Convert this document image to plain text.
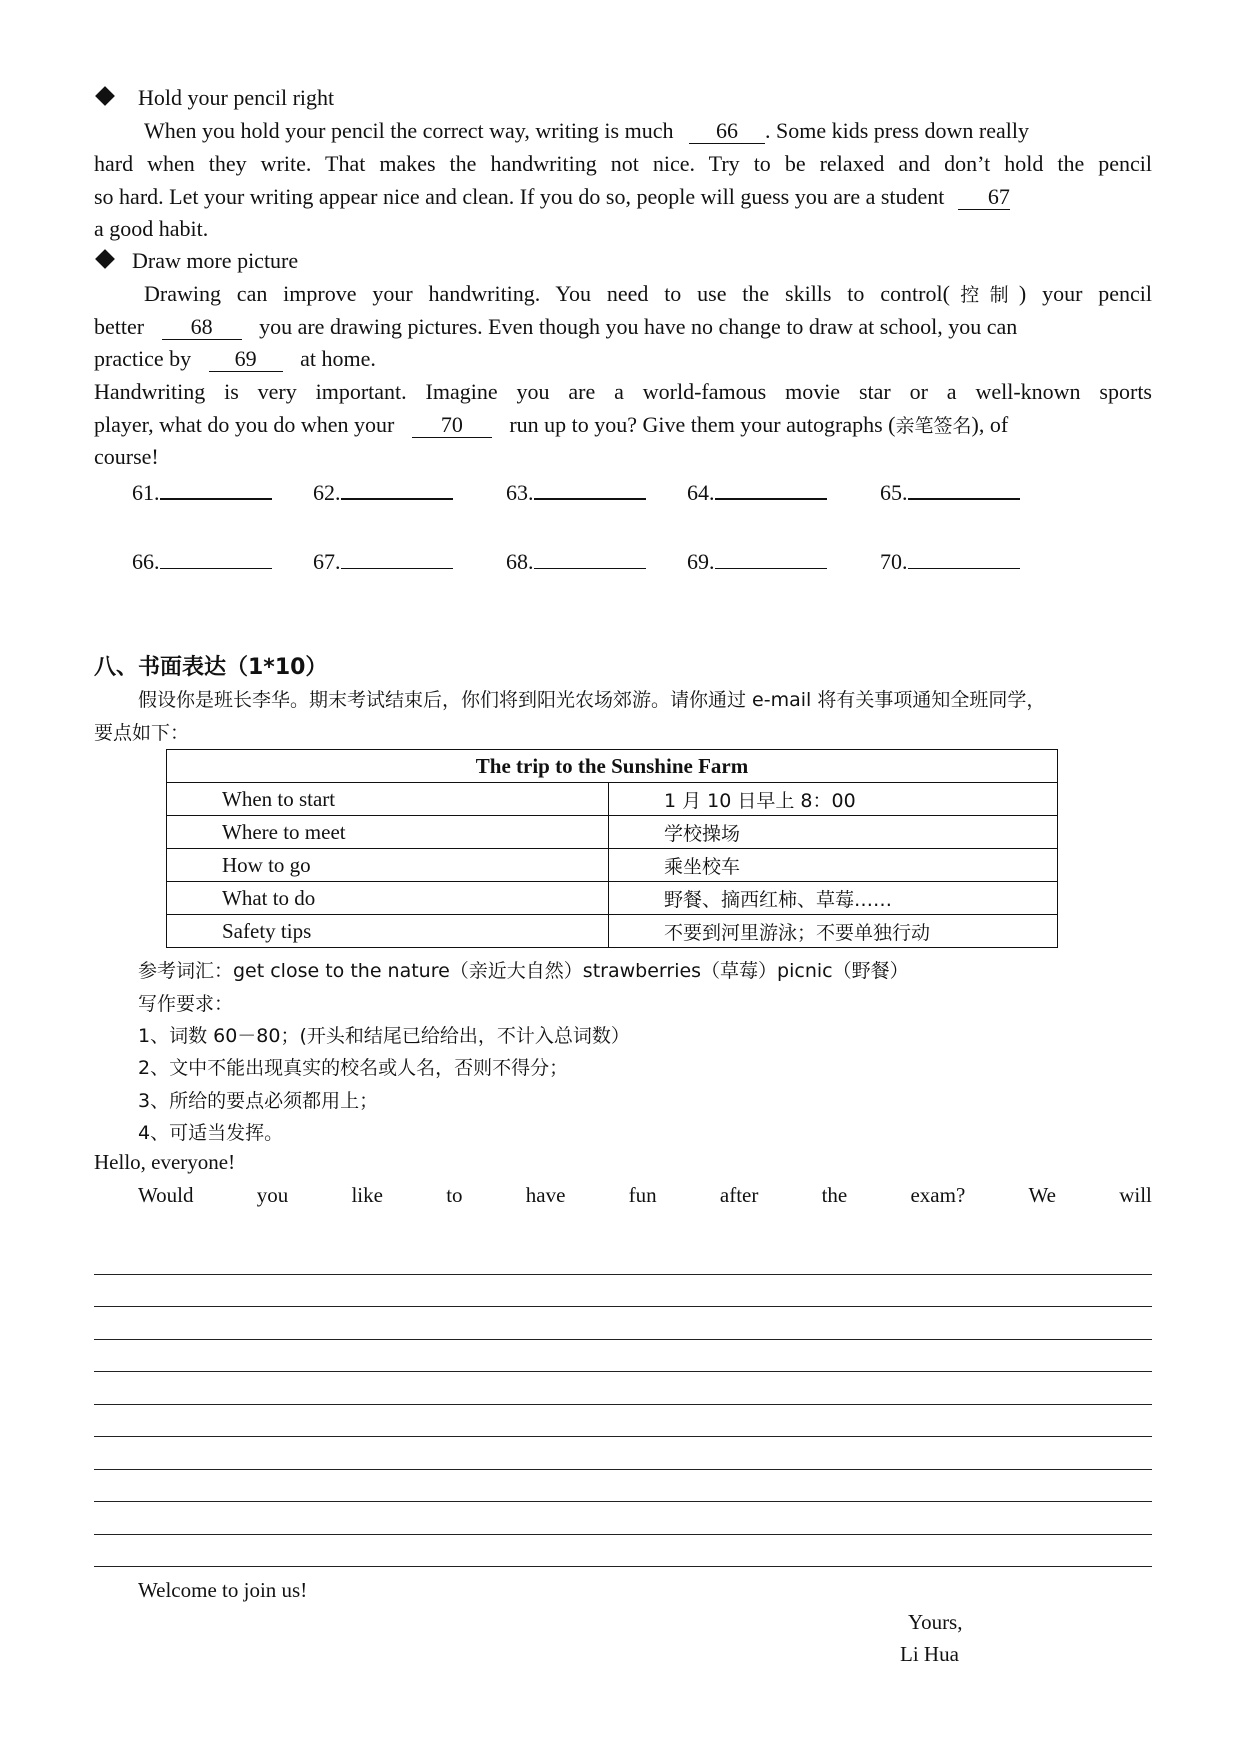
Hold your pencil right
When you hold your pencil the correct way, writing is much 66 . Some kids press down really
hard when they write. That makes the handwriting not nice. Try to be relaxed and don’t hold the pencil
so hard. Let your writing appear nice and clean. If you do so, people will guess you are a student 67
a good habit.
Draw more picture
Drawing can improve your handwriting. You need to use the skills to control(控制) your pencil
better 68 you are drawing pictures. Even though you have no change to draw at school, you can
practice by 69 at home.
Handwriting is very important. Imagine you are a world-famous movie star or a well-known sports
player, what do you do when your 70 run up to you? Give them your autographs (亲笔签名), of
course!
61.	62.	63.	64.	65.
66.	67.	68.	69.	70.
八、书面表达（1*10）
假设你是班长李华。期末考试结束后，你们将到阳光农场郊游。请你通过 e-mail 将有关事项通知全班同学，
要点如下：
The trip to the Sunshine Farm	
When to start	1 月 10 日早上 8：00
Where to meet	学校操场
How to go	乘坐校车
What to do	野餐、摘西红柿、草莓……
Safety tips	不要到河里游泳；不要单独行动
参考词汇：get close to the nature（亲近大自然）strawberries（草莓）picnic（野餐）
写作要求：
1、词数 60－80；(开头和结尾已给给出，不计入总词数）
2、文中不能出现真实的校名或人名，否则不得分；
3、所给的要点必须都用上；
4、可适当发挥。
Hello, everyone!
Would	you	like	to	have	fun	after	the	exam?	We	will
Welcome to join us!
Yours,
Li Hua
